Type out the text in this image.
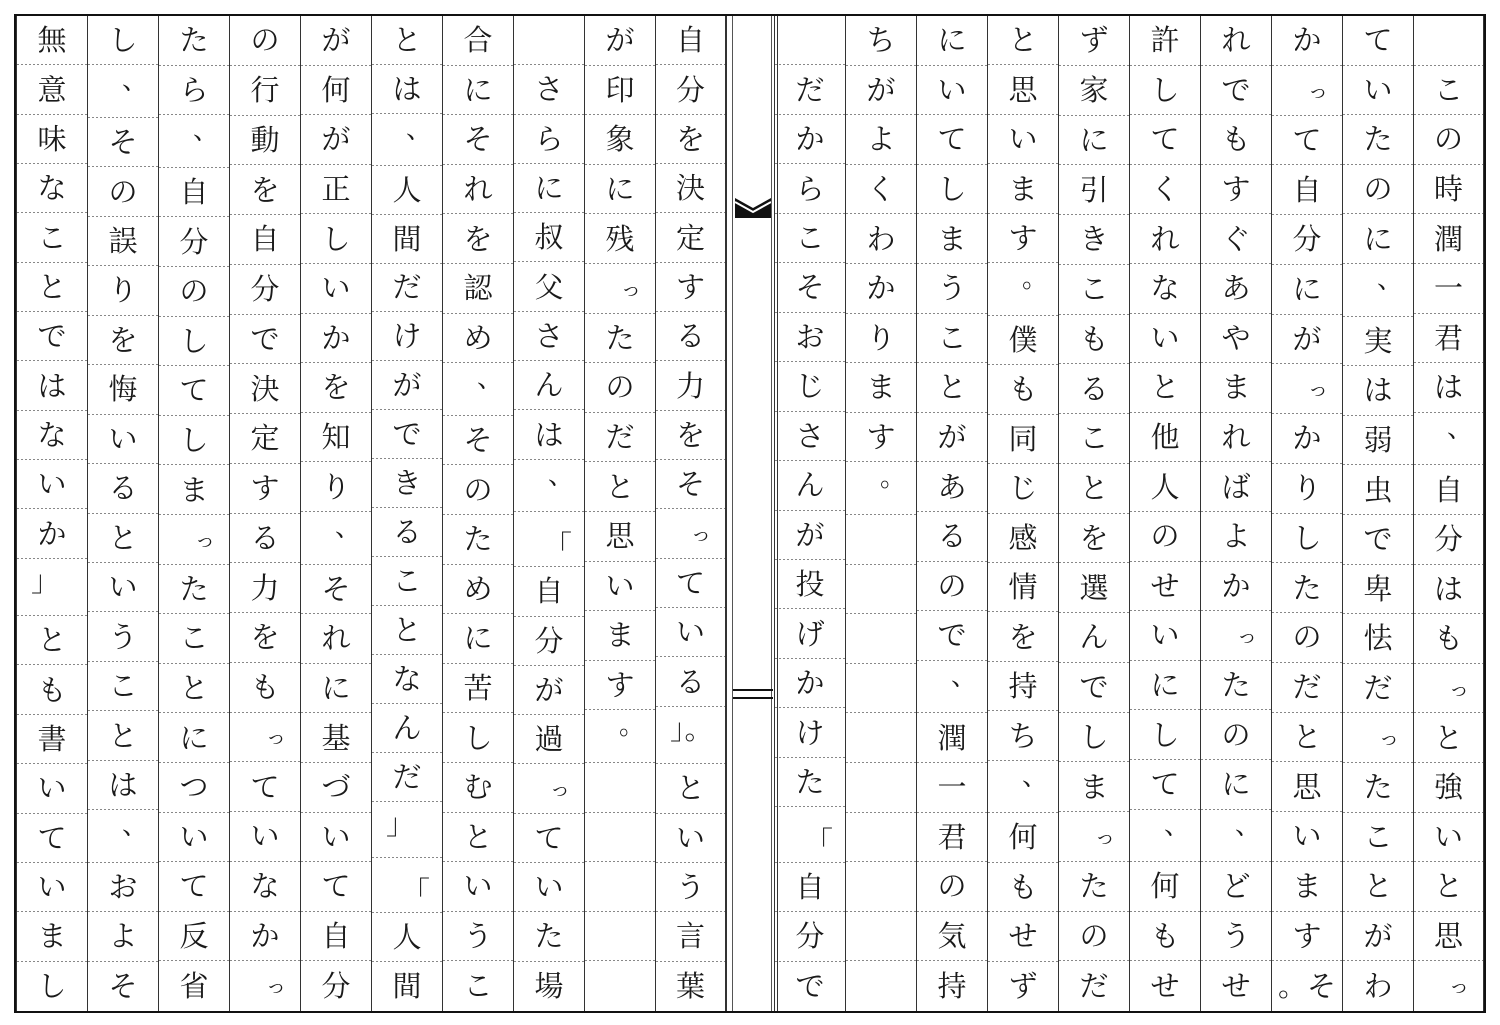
こ
の
時
潤
一
君
は
、
自
分
は
も
っ
と
強
い
と
思
っ
て
い
た
の
に
、
実
は
弱
虫
で
卑
怯
だ
っ
た
こ
と
が
わ
か
っ
て
自
分
に
が
っ
か
り
し
た
の
だ
と
思
い
ま
す
。そ
れ
で
も
す
ぐ
あ
や
ま
れ
ば
よ
か
っ
た
の
に
、
ど
う
せ
許
し
て
く
れ
な
い
と
他
人
の
せ
い
に
し
て
、
何
も
せ
ず
家
に
引
き
こ
も
る
こ
と
を
選
ん
で
し
ま
っ
た
の
だ
と
思
い
ま
す
。
僕
も
同
じ
感
情
を
持
ち
、
何
も
せ
ず
に
い
て
し
ま
う
こ
と
が
あ
る
の
で
、
潤
一
君
の
気
持
ち
が
よ
く
わ
か
り
ま
す
。
だ
か
ら
こ
そ
お
じ
さ
ん
が
投
げ
か
け
た
「
自
分
で
自
分
を
決
定
す
る
力
を
そ
っ
て
い
る
」。
と
い
う
言
葉
が
印
象
に
残
っ
た
の
だ
と
思
い
ま
す
。
さ
ら
に
叔
父
さ
ん
は
、
「
自
分
が
過
っ
て
い
た
場
合
に
そ
れ
を
認
め
、
そ
の
た
め
に
苦
し
む
と
い
う
こ
と
は
、
人
間
だ
け
が
で
き
る
こ
と
な
ん
だ
」
「
人
間
が
何
が
正
し
い
か
を
知
り
、
そ
れ
に
基
づ
い
て
自
分
の
行
動
を
自
分
で
決
定
す
る
力
を
も
っ
て
い
な
か
っ
た
ら
、
自
分
の
し
て
し
ま
っ
た
こ
と
に
つ
い
て
反
省
し
、
そ
の
誤
り
を
悔
い
る
と
い
う
こ
と
は
、
お
よ
そ
無
意
味
な
こ
と
で
は
な
い
か
」
と
も
書
い
て
い
ま
し
